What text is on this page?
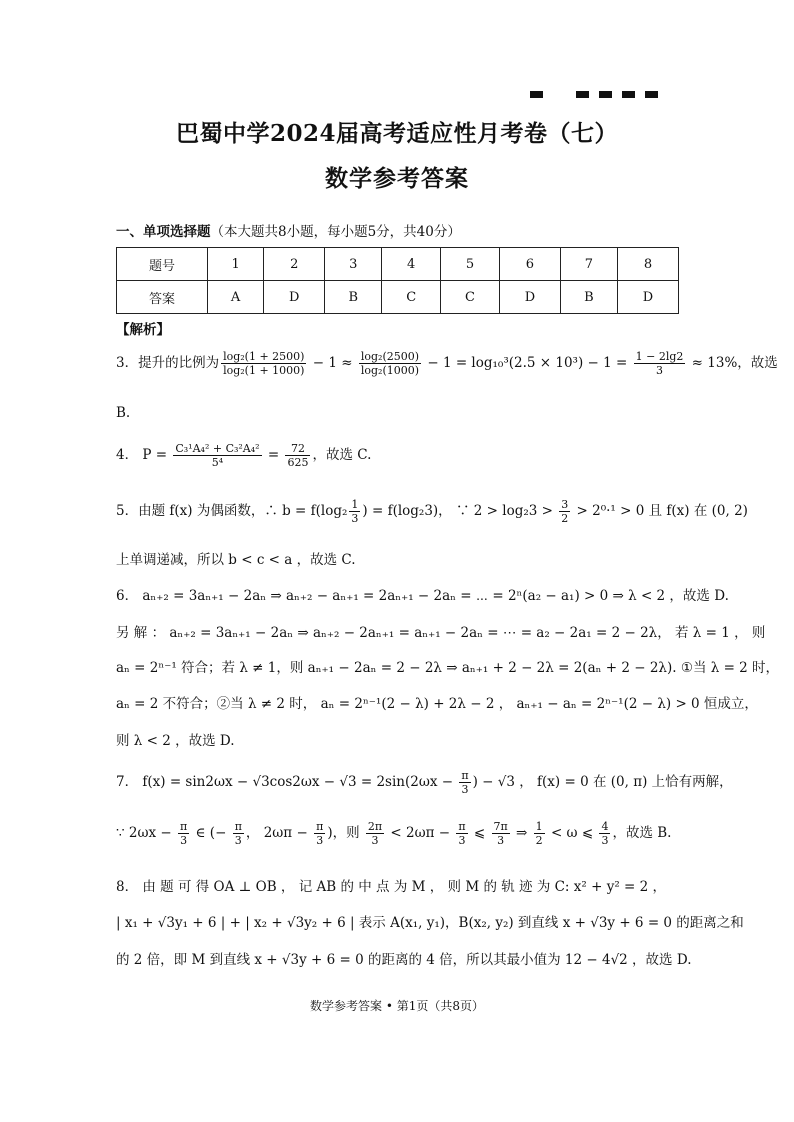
巴蜀中学2024届高考适应性月考卷（七）
数学参考答案
一、单项选择题（本大题共8小题，每小题5分，共40分）
题号	1	2	3	4	5	6	7	8
答案	A	D	B	C	C	D	B	D
【解析】
3．提升的比例为 $\frac{\text{log₂(1 + 2500)}}{\text{log₂(1 + 1000)}} - 1 \approx \frac{\text{log₂(2500)}}{\text{log₂(1000)}} - 1 = \log_{10}^3(2.5 \times 10^3) - 1 = \frac{1 - 2\lg 2}{3} \approx 13\%$，故选
B.
4． $P = \frac{\text{C₃¹A₄² + C₃²A₄²}}{\text{5⁴}} = \frac{72}{625}$ ，故选 C.
5．由题 f(x) 为偶函数，∴ $b = f(\log_2 \frac{1}{3}$ ) = f(log₂3)， ∵ $2 > \log_23 > \frac{3}{2} > 2^0\cdot^1 > 0$ 且 f(x) 在 (0, 2)
上单调递减，所以 b < c < a ，故选 C.
6． aₙ₊₂ = 3aₙ₊₁ − 2aₙ ⇒ aₙ₊₂ − aₙ₊₁ = 2aₙ₊₁ − 2aₙ = ⋯ = 2ⁿ(a₂ − a₁) > 0 ⇒ λ < 2 ，故选 D.
另 解 ： aₙ₊₂ = 3aₙ₊₁ − 2aₙ ⇒ aₙ₊₂ − 2aₙ₊₁ = aₙ₊₁ − 2aₙ = ⋯ = a₂ − 2a₁ = 2 − 2λ， 若 λ = 1 ， 则
aₙ = 2ⁿ⁻¹ 符合；若 λ ≠ 1，则 aₙ₊₁ − 2aₙ = 2 − 2λ ⇒ aₙ₊₁ + 2 − 2λ = 2(aₙ + 2 − 2λ). ①当 λ = 2 时，
aₙ = 2 不符合；②当 λ ≠ 2 时， aₙ = 2ⁿ⁻¹(2 − λ) + 2λ − 2 ， aₙ₊₁ − aₙ = 2ⁿ⁻¹(2 − λ) > 0 恒成立，
则 λ < 2 ，故选 D.
7． $f(x) = \sin 2\omega x - √3\cos 2\omega x - √3 = 2\sin(2\omega x - \frac{\pi}{3}$ ) − √3 ， f(x) = 0 在 (0, π) 上恰有两解，
∵ $2\omega x - \frac{\pi}{3}$ ∈ (− $\frac{\pi}{3}$ ， $2\omega\pi - \frac{\pi}{3}$ )，则 $\frac{2\pi}{3} < 2\omega\pi - \frac{\pi}{3}$ ⩽ $\frac{7\pi}{3}$ ⇒ $\frac{1}{2} < \omega$ ⩽ $\frac{4}{3}$ ，故选 B.
8． 由 题 可 得 OA ⊥ OB ， 记 AB 的 中 点 为 M ， 则 M 的 轨 迹 为 C: x² + y² = 2 ，
| x₁ + √3y₁ + 6 | + | x₂ + √3y₂ + 6 | 表示 A(x₁, y₁)，B(x₂, y₂) 到直线 x + √3y + 6 = 0 的距离之和
的 2 倍，即 M 到直线 x + √3y + 6 = 0 的距离的 4 倍，所以其最小值为 12 − 4√2 ，故选 D.
数学参考答案 • 第1页（共8页）
